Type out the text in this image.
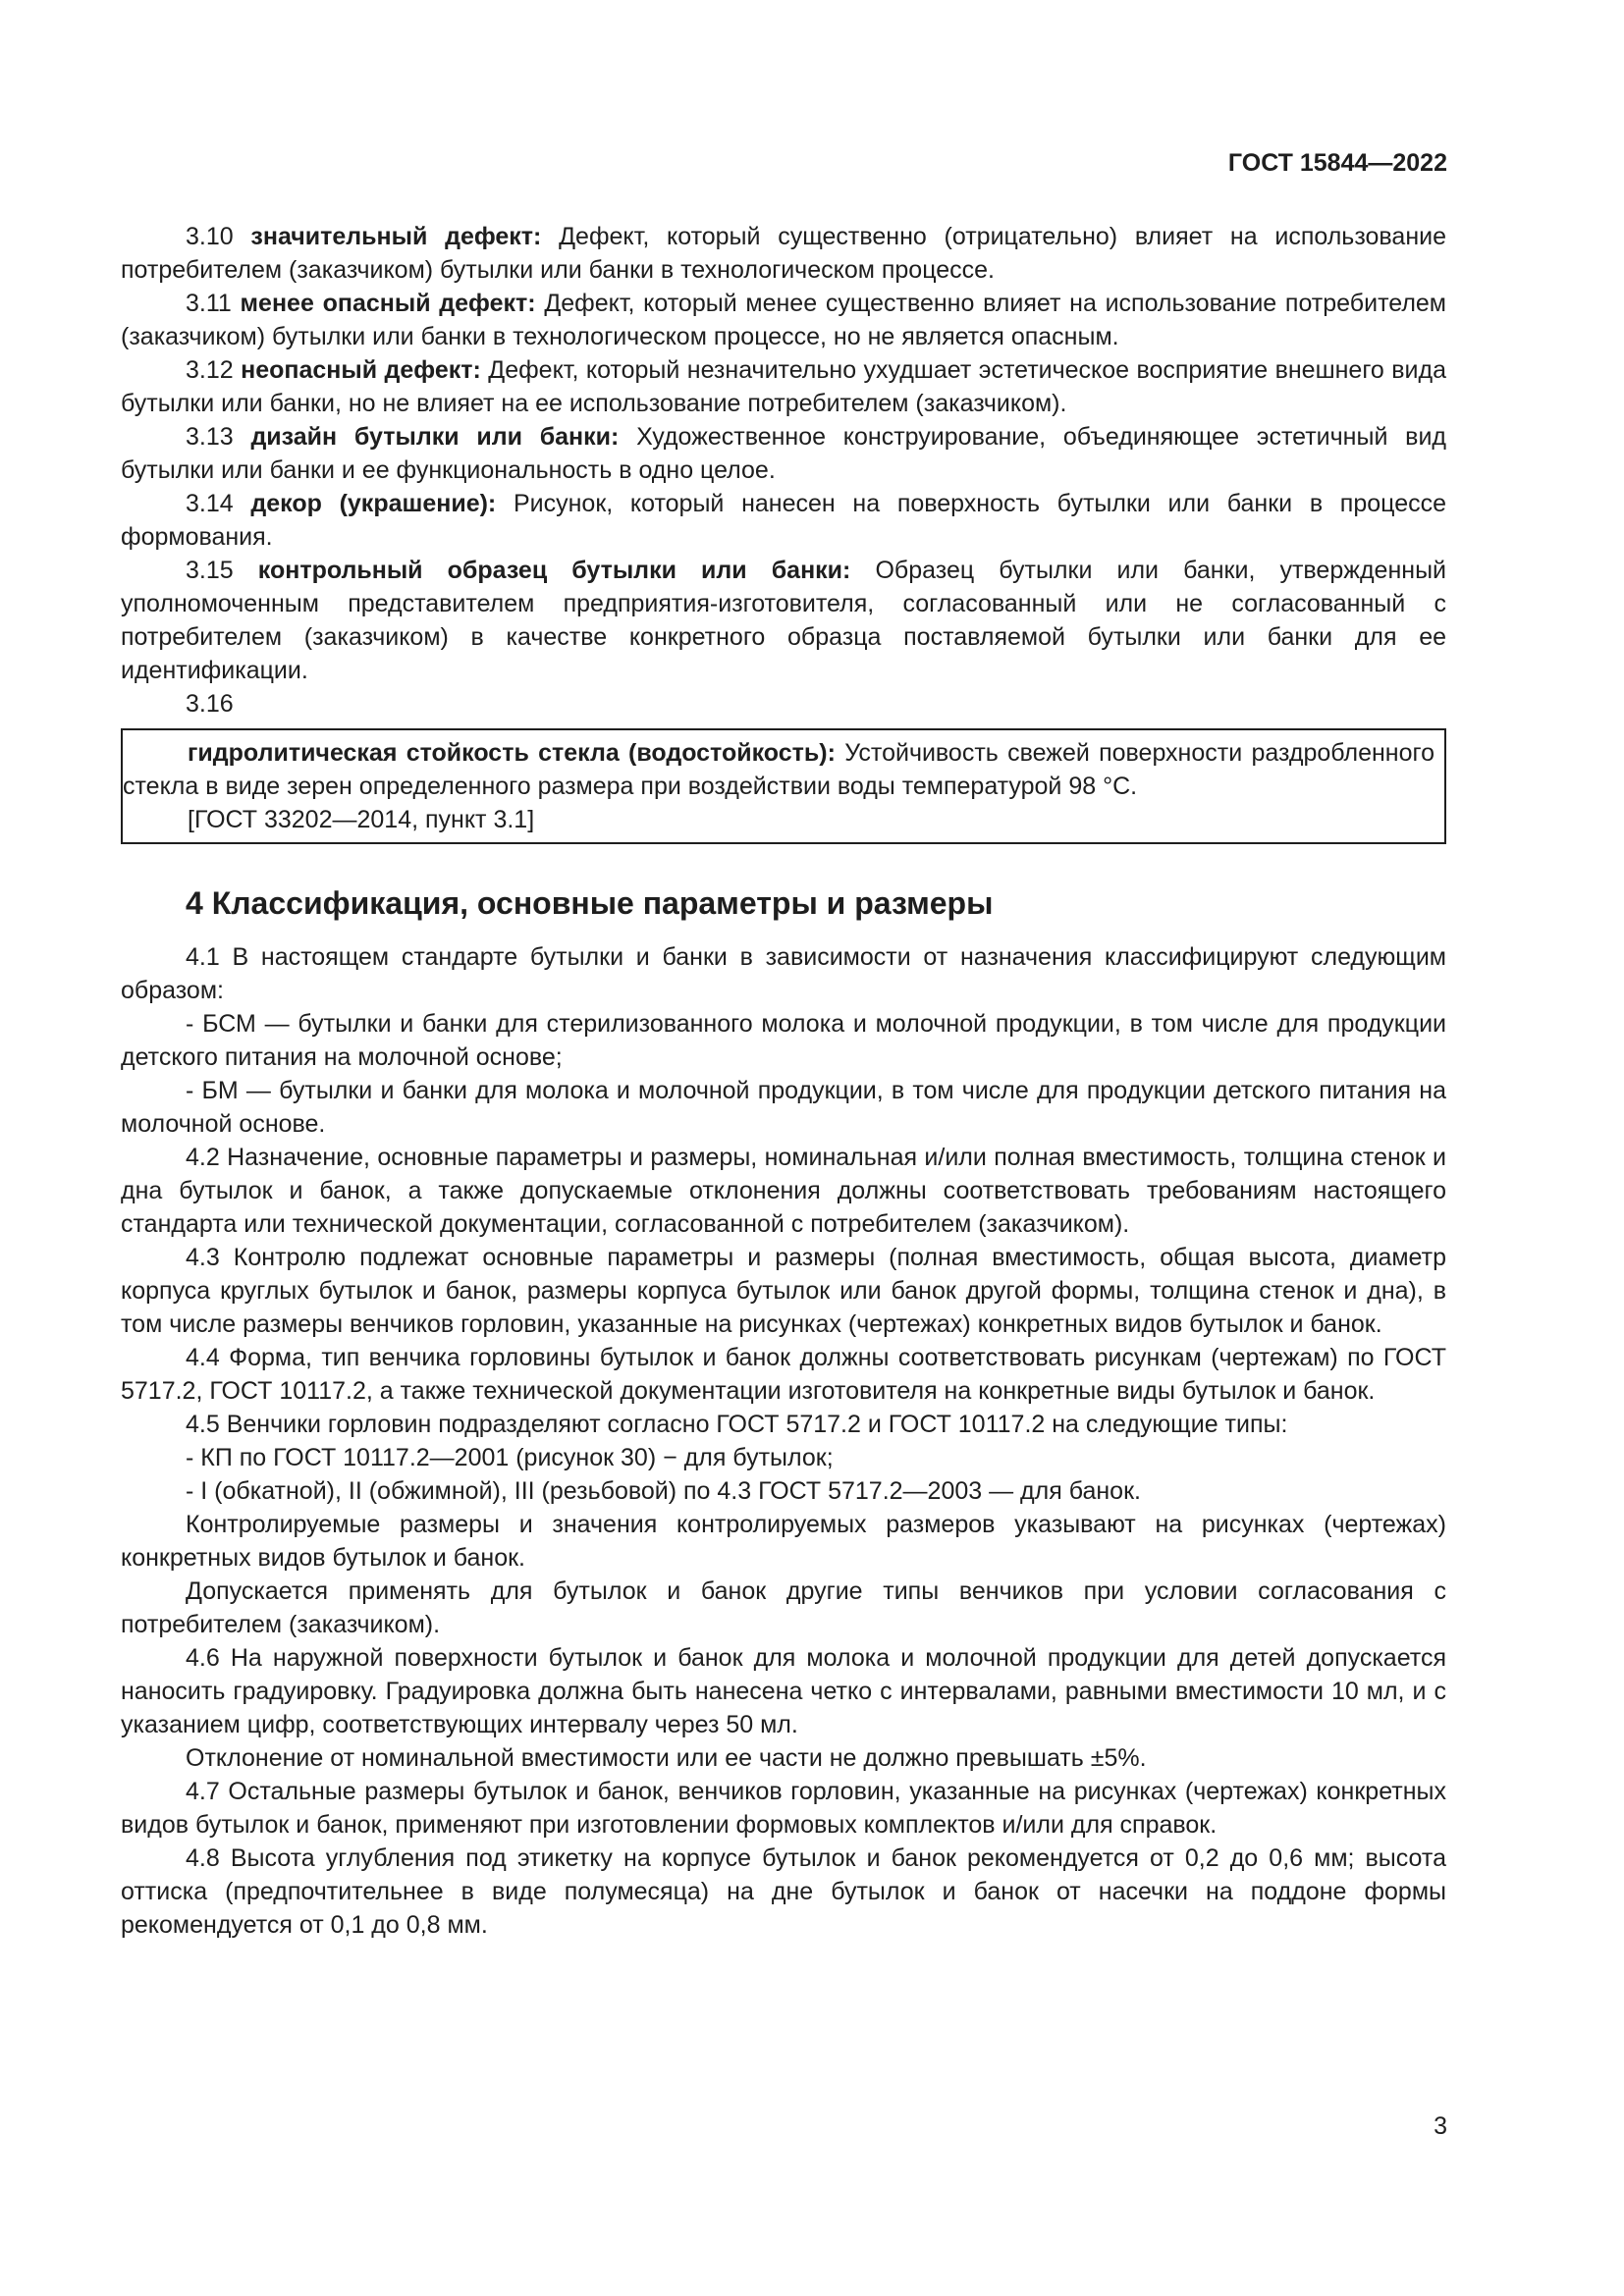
ГОСТ 15844—2022

3.10 значительный дефект: Дефект, который существенно (отрицательно) влияет на использование потребителем (заказчиком) бутылки или банки в технологическом процессе.

3.11 менее опасный дефект: Дефект, который менее существенно влияет на использование потребителем (заказчиком) бутылки или банки в технологическом процессе, но не является опасным.

3.12 неопасный дефект: Дефект, который незначительно ухудшает эстетическое восприятие внешнего вида бутылки или банки, но не влияет на ее использование потребителем (заказчиком).

3.13 дизайн бутылки или банки: Художественное конструирование, объединяющее эстетичный вид бутылки или банки и ее функциональность в одно целое.

3.14 декор (украшение): Рисунок, который нанесен на поверхность бутылки или банки в процессе формования.

3.15 контрольный образец бутылки или банки: Образец бутылки или банки, утвержденный уполномоченным представителем предприятия-изготовителя, согласованный или не согласованный с потребителем (заказчиком) в качестве конкретного образца поставляемой бутылки или банки для ее идентификации.

3.16

гидролитическая стойкость стекла (водостойкость): Устойчивость свежей поверхности раздробленного стекла в виде зерен определенного размера при воздействии воды температурой 98 °С.

[ГОСТ 33202—2014, пункт 3.1]

4 Классификация, основные параметры и размеры

4.1 В настоящем стандарте бутылки и банки в зависимости от назначения классифицируют следующим образом:

- БСМ — бутылки и банки для стерилизованного молока и молочной продукции, в том числе для продукции детского питания на молочной основе;

- БМ — бутылки и банки для молока и молочной продукции, в том числе для продукции детского питания на молочной основе.

4.2 Назначение, основные параметры и размеры, номинальная и/или полная вместимость, толщина стенок и дна бутылок и банок, а также допускаемые отклонения должны соответствовать требованиям настоящего стандарта или технической документации, согласованной с потребителем (заказчиком).

4.3 Контролю подлежат основные параметры и размеры (полная вместимость, общая высота, диаметр корпуса круглых бутылок и банок, размеры корпуса бутылок или банок другой формы, толщина стенок и дна), в том числе размеры венчиков горловин, указанные на рисунках (чертежах) конкретных видов бутылок и банок.

4.4 Форма, тип венчика горловины бутылок и банок должны соответствовать рисункам (чертежам) по ГОСТ 5717.2, ГОСТ 10117.2, а также технической документации изготовителя на конкретные виды бутылок и банок.

4.5 Венчики горловин подразделяют согласно ГОСТ 5717.2 и ГОСТ 10117.2 на следующие типы:

- КП по ГОСТ 10117.2—2001 (рисунок 30) − для бутылок;

- I (обкатной), II (обжимной), III (резьбовой) по 4.3 ГОСТ 5717.2—2003 — для банок.

Контролируемые размеры и значения контролируемых размеров указывают на рисунках (чертежах) конкретных видов бутылок и банок.

Допускается применять для бутылок и банок другие типы венчиков при условии согласования с потребителем (заказчиком).

4.6 На наружной поверхности бутылок и банок для молока и молочной продукции для детей допускается наносить градуировку. Градуировка должна быть нанесена четко с интервалами, равными вместимости 10 мл, и с указанием цифр, соответствующих интервалу через 50 мл.

Отклонение от номинальной вместимости или ее части не должно превышать ±5%.

4.7 Остальные размеры бутылок и банок, венчиков горловин, указанные на рисунках (чертежах) конкретных видов бутылок и банок, применяют при изготовлении формовых комплектов и/или для справок.

4.8 Высота углубления под этикетку на корпусе бутылок и банок рекомендуется от 0,2 до 0,6 мм; высота оттиска (предпочтительнее в виде полумесяца) на дне бутылок и банок от насечки на поддоне формы рекомендуется от 0,1 до 0,8 мм.

3
